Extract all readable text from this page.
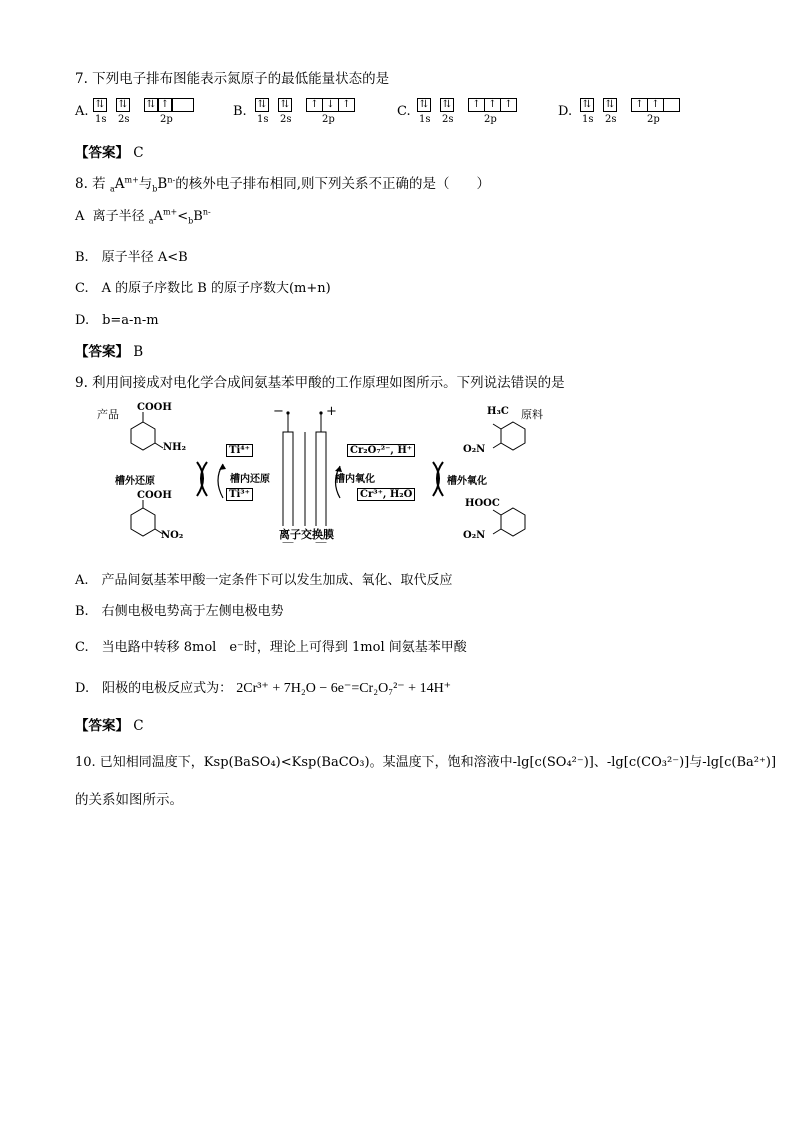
7. 下列电子排布图能表示氮原子的最低能量状态的是
A. ⇅ ⇅ ⇅ ↑
1s 2s	2p
B. ⇅ ⇅	↑ ↓ ↑
1s 2s	2p
C. ⇅ ⇅	↑ ↑ ↑
1s 2s	2p
D. ⇅ ⇅	↑ ↑
1s 2s	2p
【答案】 C
8. 若 $_aA^{m+}$与$_bB^{n-}$的核外电子排布相同,则下列关系不正确的是（　　）
A 离子半径 $_aA^{m+}<_bB^{n-}$
B.　原子半径 A<B
C.　A 的原子序数比 B 的原子序数大(m+n)
D.　b=a-n-m
【答案】 B
9. 利用间接成对电化学合成间氨基苯甲酸的工作原理如图所示。下列说法错误的是
产品
COOH
NH₂
槽外还原
COOH
NO₂
Ti⁴⁺
槽内还原
Ti³⁺
−	+
离子交换膜
Cr₂O₇²⁻, H⁺
槽内氧化
Cr³⁺, H₂O
槽外氧化
H₃C 原料
O₂N
HOOC
O₂N
A.　产品间氨基苯甲酸一定条件下可以发生加成、氧化、取代反应
B.　右侧电极电势高于左侧电极电势
C.　当电路中转移 8mol　e⁻时，理论上可得到 1mol 间氨基苯甲酸
D.　阳极的电极反应式为： 2Cr³⁺ + 7H₂O − 6e⁻=Cr₂O₇²⁻ + 14H⁺
【答案】 C
10. 已知相同温度下，Ksp(BaSO₄)<Ksp(BaCO₃)。某温度下，饱和溶液中-lg[c(SO₄²⁻)]、-lg[c(CO₃²⁻)]与-lg[c(Ba²⁺)]
的关系如图所示。
